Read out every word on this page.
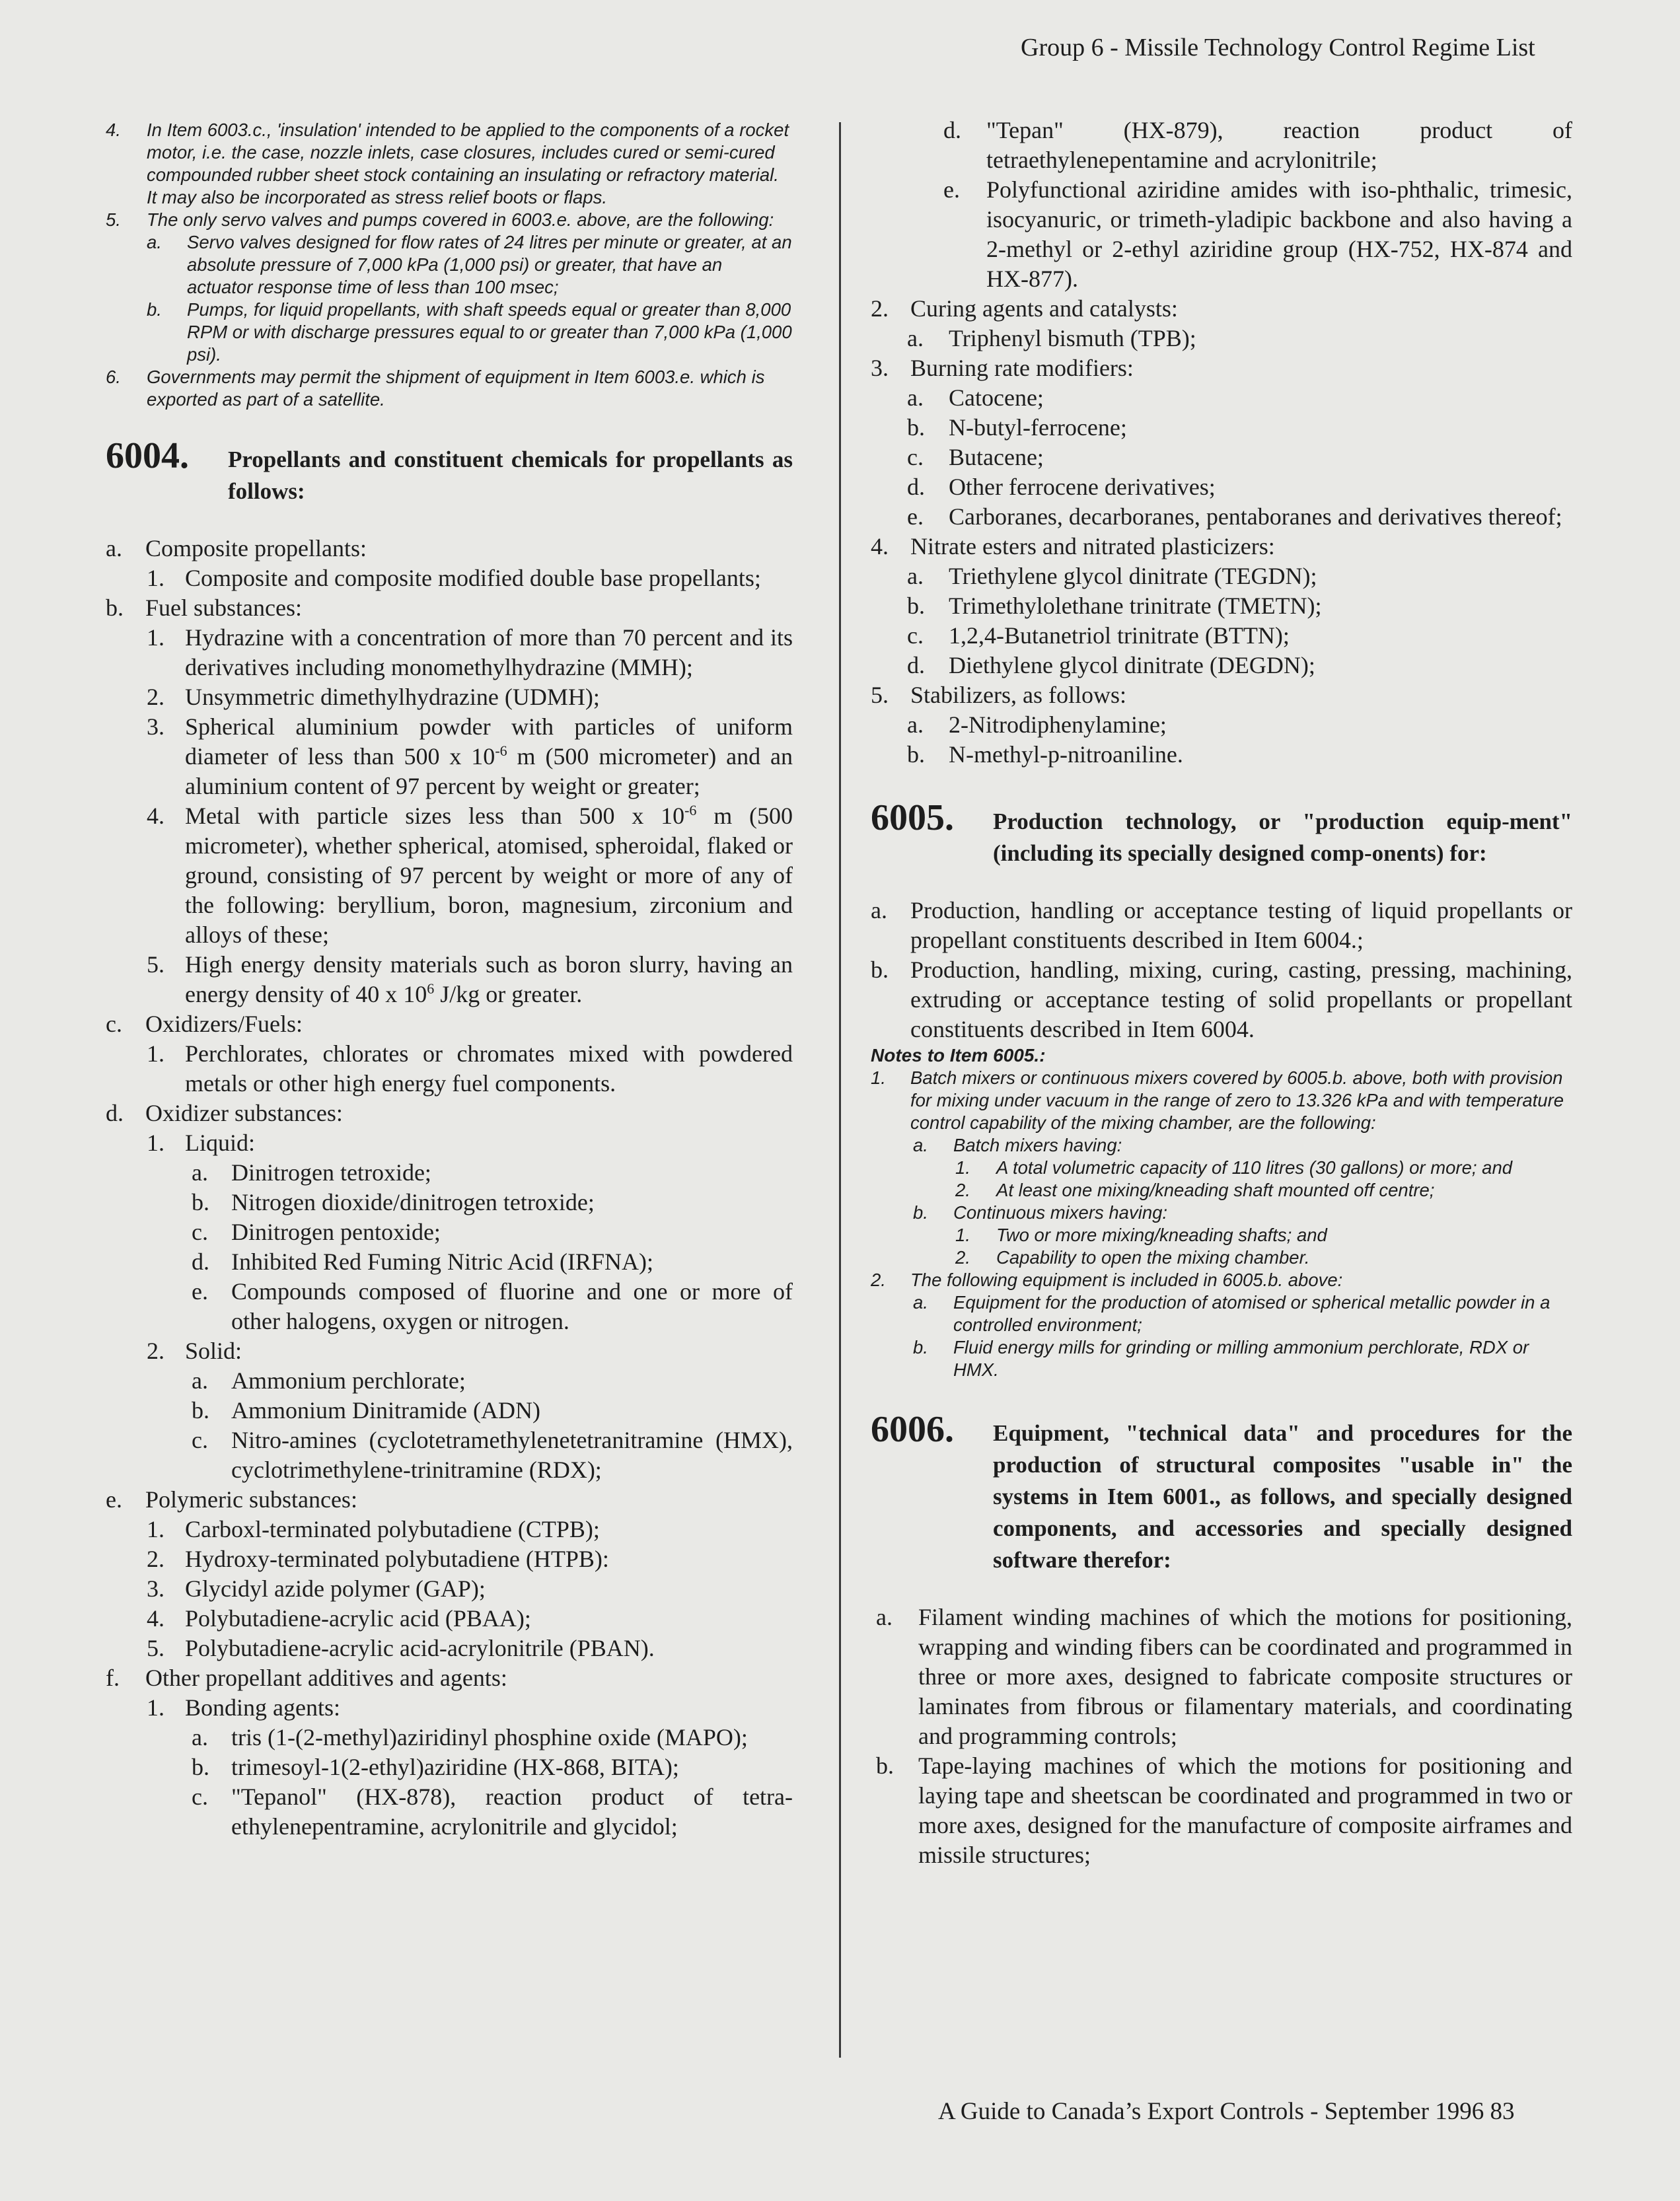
Group 6 - Missile Technology Control Regime List
4. In Item 6003.c., 'insulation' intended to be applied to the components of a rocket motor, i.e. the case, nozzle inlets, case closures, includes cured or semi-cured compounded rubber sheet stock containing an insulating or refractory material. It may also be incorporated as stress relief boots or flaps.
5. The only servo valves and pumps covered in 6003.e. above, are the following:
a. Servo valves designed for flow rates of 24 litres per minute or greater, at an absolute pressure of 7,000 kPa (1,000 psi) or greater, that have an actuator response time of less than 100 msec;
b. Pumps, for liquid propellants, with shaft speeds equal or greater than 8,000 RPM or with discharge pressures equal to or greater than 7,000 kPa (1,000 psi).
6. Governments may permit the shipment of equipment in Item 6003.e. which is exported as part of a satellite.
6004. Propellants and constituent chemicals for propellants as follows:
a. Composite propellants:
1. Composite and composite modified double base propellants;
b. Fuel substances:
1. Hydrazine with a concentration of more than 70 percent and its derivatives including monomethylhydrazine (MMH);
2. Unsymmetric dimethylhydrazine (UDMH);
3. Spherical aluminium powder with particles of uniform diameter of less than 500 x $10^{-6}$ m (500 micrometer) and an aluminium content of 97 percent by weight or greater;
4. Metal with particle sizes less than 500 x $10^{-6}$ m (500 micrometer), whether spherical, atomised, spheroidal, flaked or ground, consisting of 97 percent by weight or more of any of the following: beryllium, boron, magnesium, zirconium and alloys of these;
5. High energy density materials such as boron slurry, having an energy density of 40 x $10^6$ J/kg or greater.
c. Oxidizers/Fuels:
1. Perchlorates, chlorates or chromates mixed with powdered metals or other high energy fuel components.
d. Oxidizer substances:
1. Liquid:
a. Dinitrogen tetroxide;
b. Nitrogen dioxide/dinitrogen tetroxide;
c. Dinitrogen pentoxide;
d. Inhibited Red Fuming Nitric Acid (IRFNA);
e. Compounds composed of fluorine and one or more of other halogens, oxygen or nitrogen.
2. Solid:
a. Ammonium perchlorate;
b. Ammonium Dinitramide (ADN)
c. Nitro-amines (cyclotetramethylenetetranitramine (HMX), cyclotrimethylene-trinitramine (RDX);
e. Polymeric substances:
1. Carboxl-terminated polybutadiene (CTPB);
2. Hydroxy-terminated polybutadiene (HTPB):
3. Glycidyl azide polymer (GAP);
4. Polybutadiene-acrylic acid (PBAA);
5. Polybutadiene-acrylic acid-acrylonitrile (PBAN).
f. Other propellant additives and agents:
1. Bonding agents:
a. tris (1-(2-methyl)aziridinyl phosphine oxide (MAPO);
b. trimesoyl-1(2-ethyl)aziridine (HX-868, BITA);
c. "Tepanol" (HX-878), reaction product of tetra-ethylenepentramine, acrylonitrile and glycidol;
d. "Tepan" (HX-879), reaction product of tetraethylenepentamine and acrylonitrile;
e. Polyfunctional aziridine amides with iso-phthalic, trimesic, isocyanuric, or trimeth-yladipic backbone and also having a 2-methyl or 2-ethyl aziridine group (HX-752, HX-874 and HX-877).
2. Curing agents and catalysts:
a. Triphenyl bismuth (TPB);
3. Burning rate modifiers:
a. Catocene;
b. N-butyl-ferrocene;
c. Butacene;
d. Other ferrocene derivatives;
e. Carboranes, decarboranes, pentaboranes and derivatives thereof;
4. Nitrate esters and nitrated plasticizers:
a. Triethylene glycol dinitrate (TEGDN);
b. Trimethylolethane trinitrate (TMETN);
c. 1,2,4-Butanetriol trinitrate (BTTN);
d. Diethylene glycol dinitrate (DEGDN);
5. Stabilizers, as follows:
a. 2-Nitrodiphenylamine;
b. N-methyl-p-nitroaniline.
6005. Production technology, or "production equip-ment" (including its specially designed comp-onents) for:
a. Production, handling or acceptance testing of liquid propellants or propellant constituents described in Item 6004.;
b. Production, handling, mixing, curing, casting, pressing, machining, extruding or acceptance testing of solid propellants or propellant constituents described in Item 6004.
Notes to Item 6005.:
1. Batch mixers or continuous mixers covered by 6005.b. above, both with provision for mixing under vacuum in the range of zero to 13.326 kPa and with temperature control capability of the mixing chamber, are the following:
a. Batch mixers having:
1. A total volumetric capacity of 110 litres (30 gallons) or more; and
2. At least one mixing/kneading shaft mounted off centre;
b. Continuous mixers having:
1. Two or more mixing/kneading shafts; and
2. Capability to open the mixing chamber.
2. The following equipment is included in 6005.b. above:
a. Equipment for the production of atomised or spherical metallic powder in a controlled environment;
b. Fluid energy mills for grinding or milling ammonium perchlorate, RDX or HMX.
6006. Equipment, "technical data" and procedures for the production of structural composites "usable in" the systems in Item 6001., as follows, and specially designed components, and accessories and specially designed software therefor:
a. Filament winding machines of which the motions for positioning, wrapping and winding fibers can be coordinated and programmed in three or more axes, designed to fabricate composite structures or laminates from fibrous or filamentary materials, and coordinating and programming controls;
b. Tape-laying machines of which the motions for positioning and laying tape and sheetscan be coordinated and programmed in two or more axes, designed for the manufacture of composite airframes and missile structures;
A Guide to Canada’s Export Controls - September 1996 83
